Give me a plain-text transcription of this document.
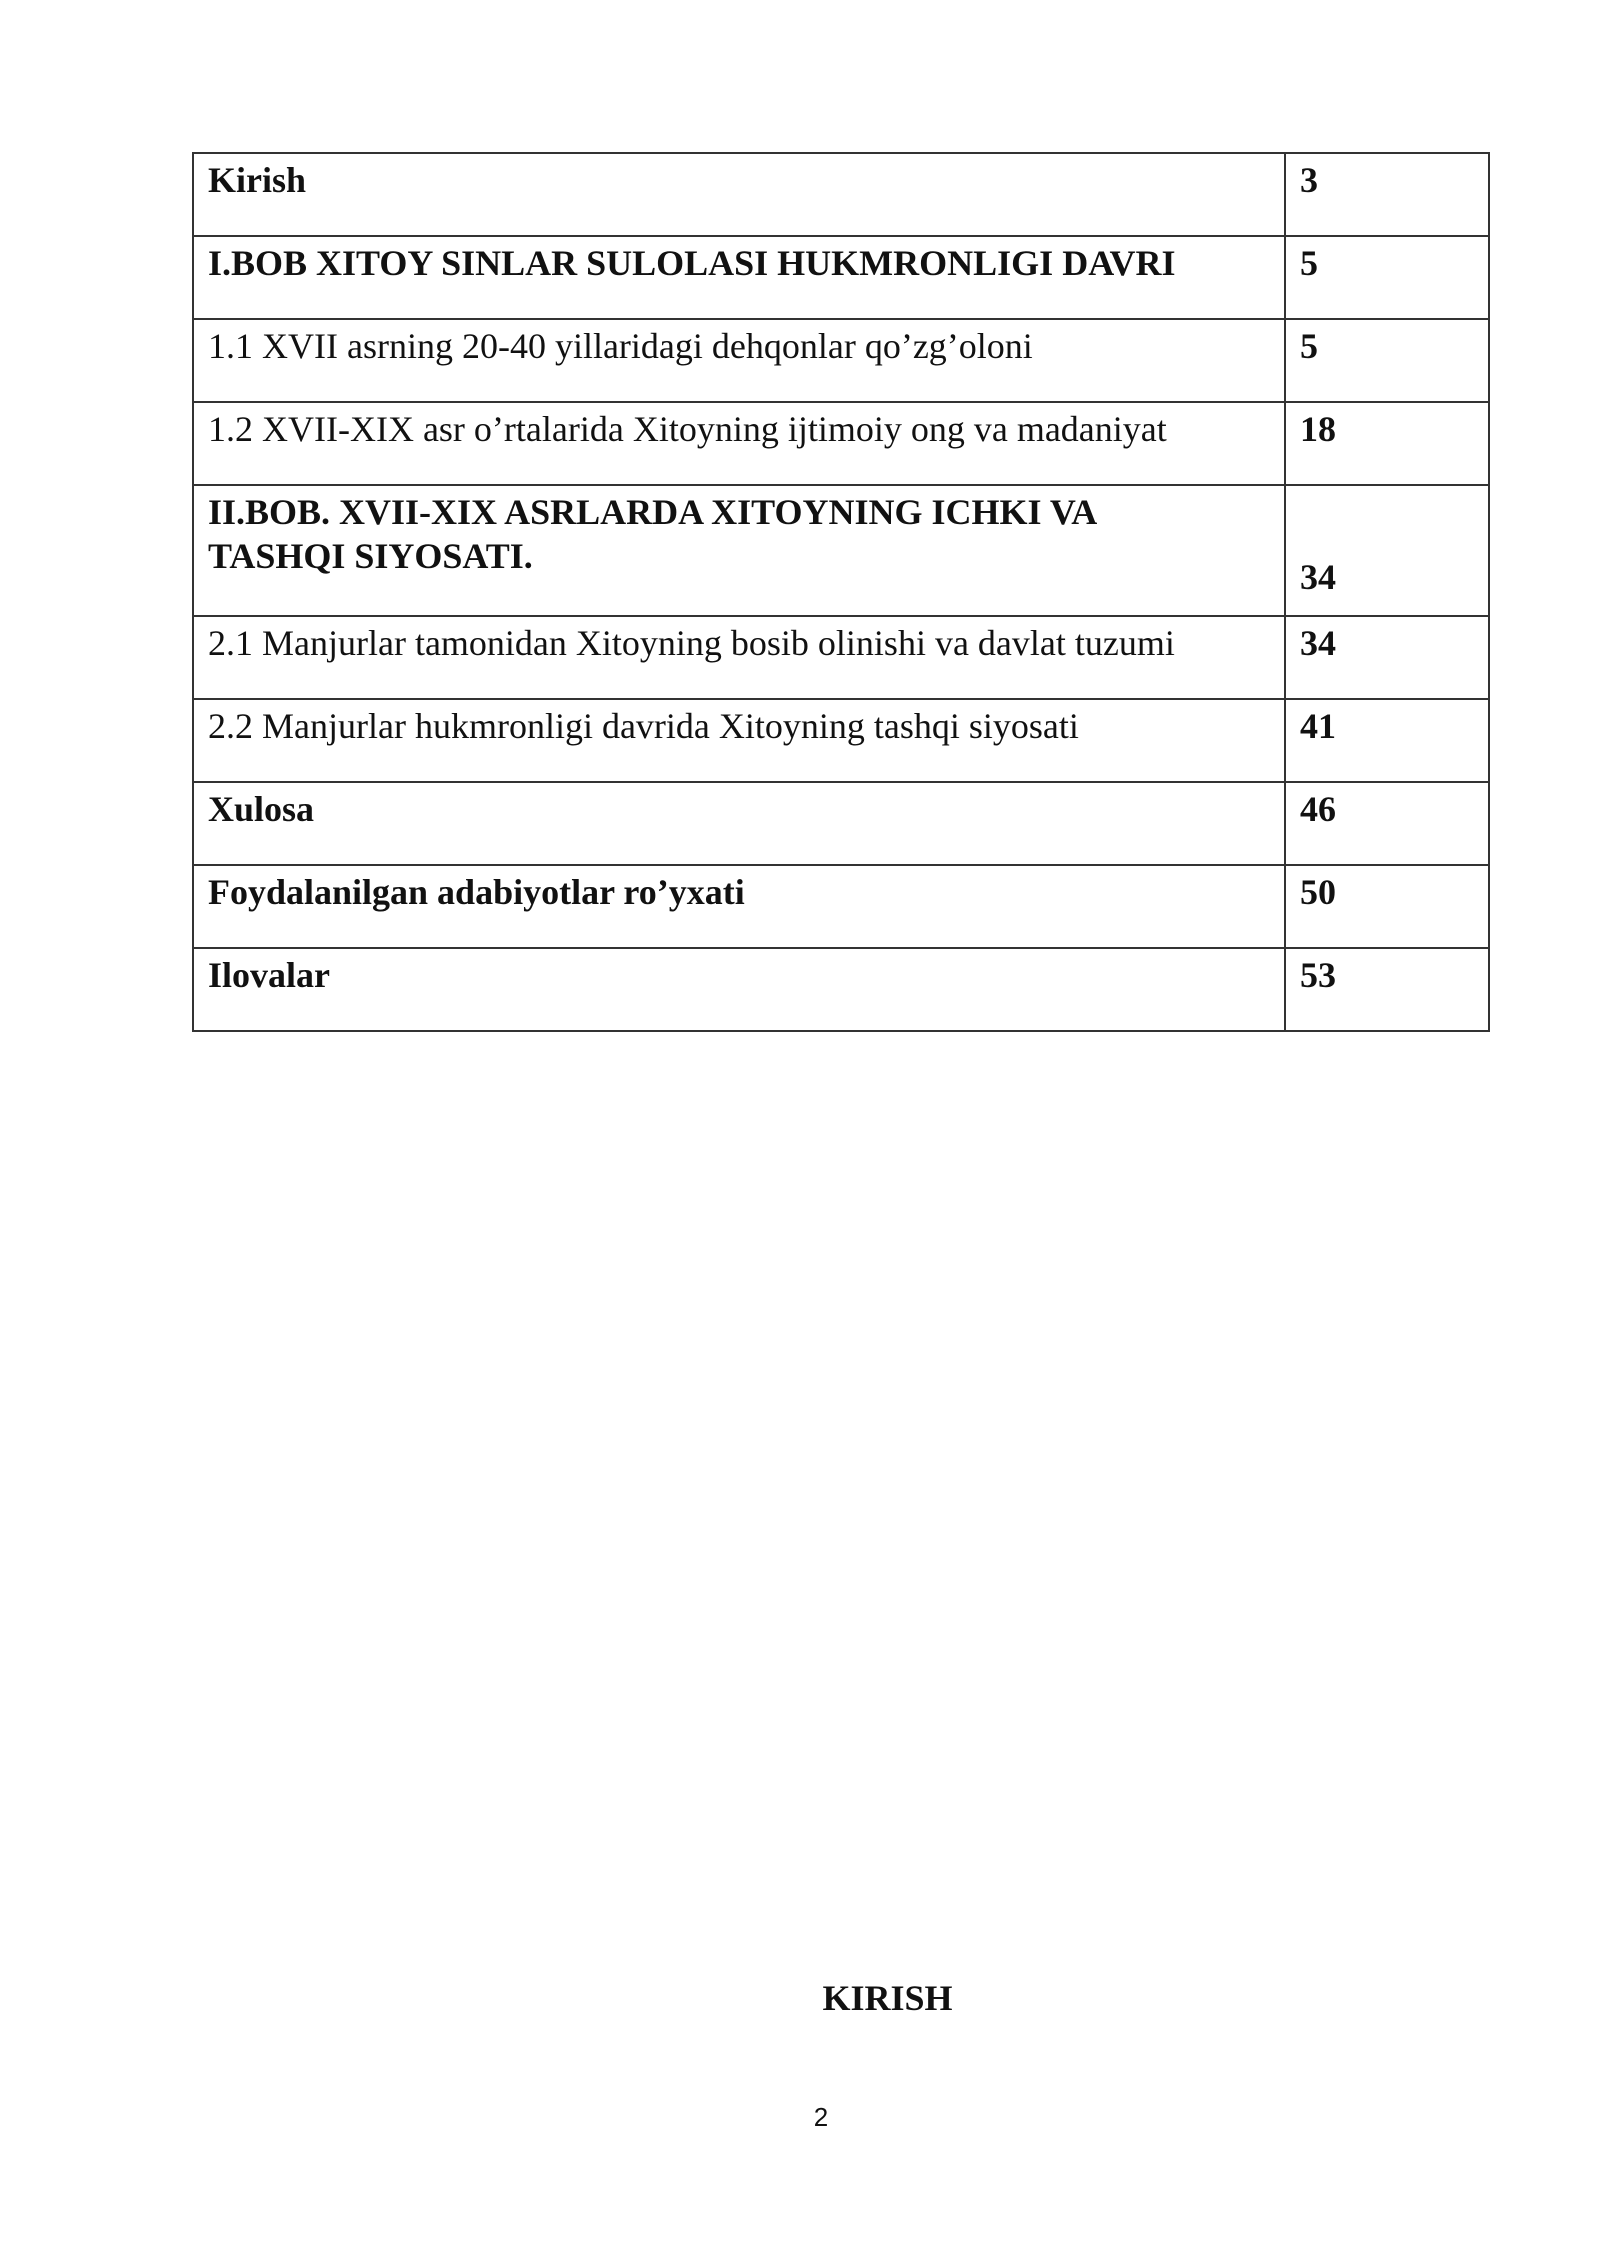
Kirish	3

I.BOB XITOY SINLAR SULOLASI HUKMRONLIGI DAVRI	5

1.1 XVII asrning 20-40 yillaridagi dehqonlar qo’zg’oloni	5

1.2 XVII-XIX asr o’rtalarida Xitoyning ijtimoiy ong va madaniyat	18

II.BOB. XVII-XIX ASRLARDA XITOYNING ICHKI VA
TASHQI SIYOSATI.	34

2.1 Manjurlar tamonidan Xitoyning bosib olinishi va davlat tuzumi	34

2.2 Manjurlar hukmronligi davrida Xitoyning tashqi siyosati	41

Xulosa	46

Foydalanilgan adabiyotlar ro’yxati	50

Ilovalar	53
KIRISH
2
